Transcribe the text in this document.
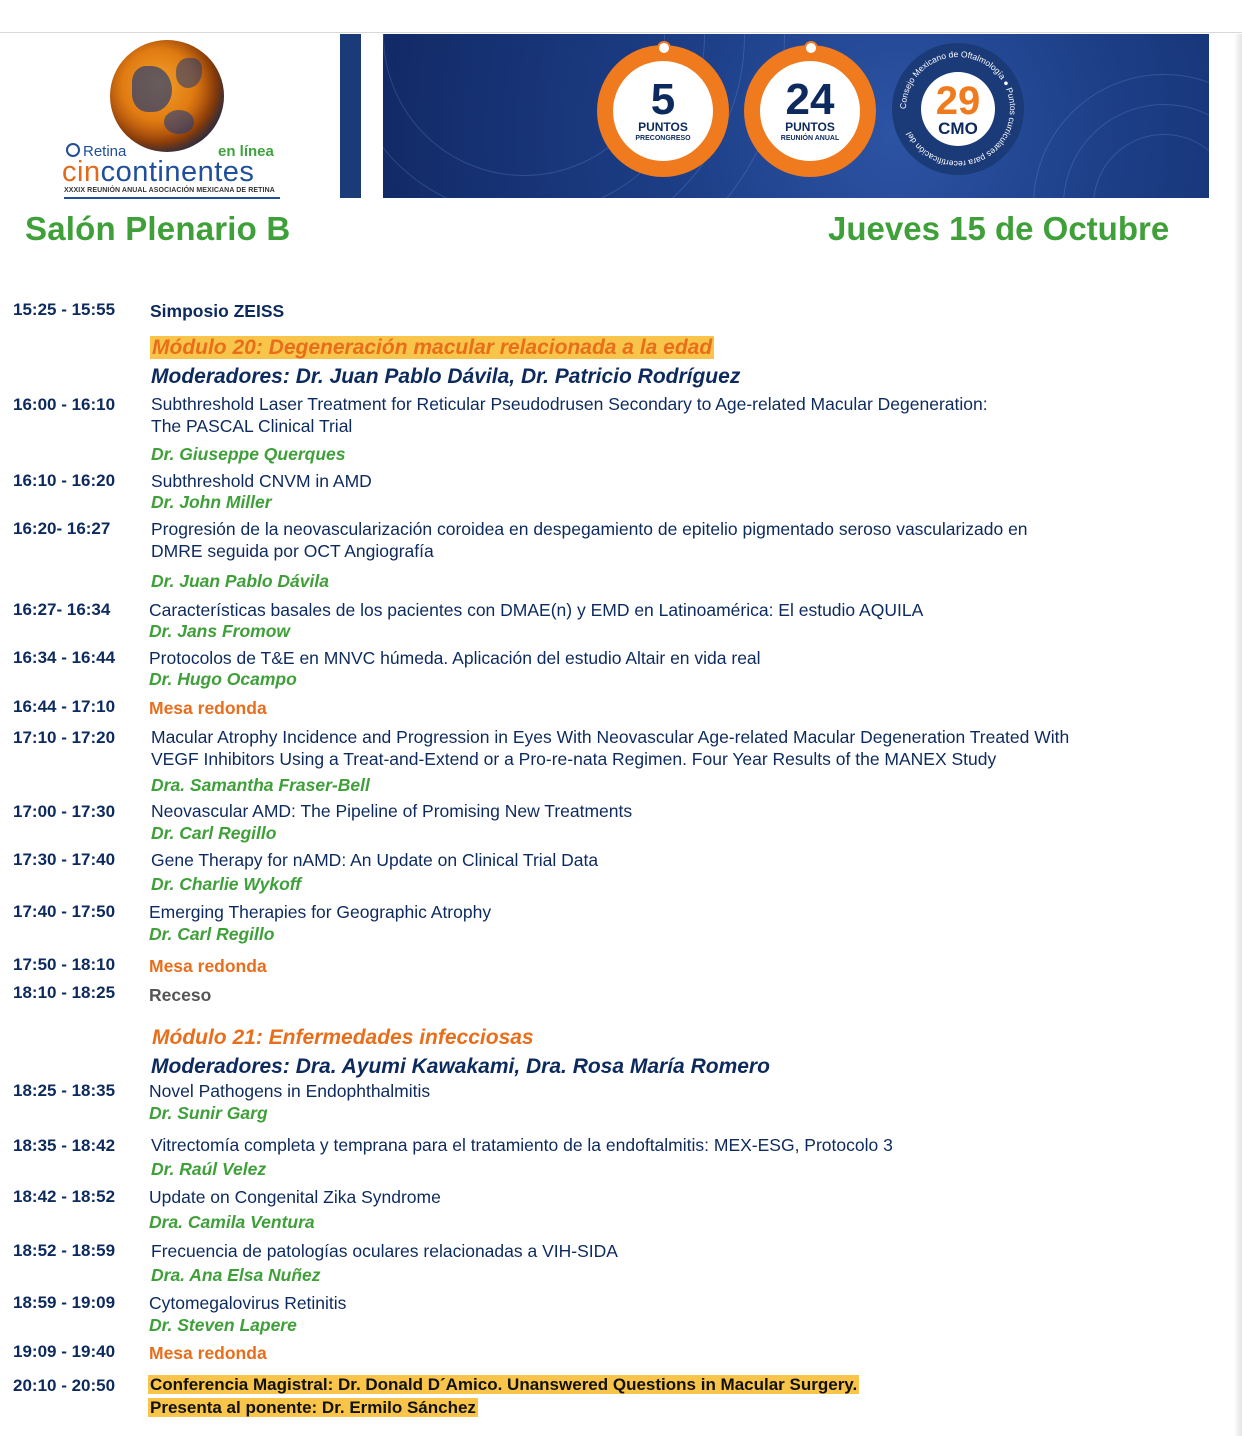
Retina	en línea
cincontinentes
XXXIX REUNIÓN ANUAL ASOCIACIÓN MEXICANA DE RETINA
5
PUNTOS
PRECONGRESO
24
PUNTOS
REUNIÓN ANUAL
Consejo Mexicano de Oftalmología ● Puntos curriculares para recertificación del
29
CMO
Salón Plenario B	Jueves 15 de Octubre
15:25 - 15:55 Simposio ZEISS
Módulo 20: Degeneración macular relacionada a la edad
Moderadores: Dr. Juan Pablo Dávila, Dr. Patricio Rodríguez
16:00 - 16:10 Subthreshold Laser Treatment for Reticular Pseudodrusen Secondary to Age-related Macular Degeneration:
The PASCAL Clinical Trial
Dr. Giuseppe Querques
16:10 - 16:20 Subthreshold CNVM in AMD
Dr. John Miller
16:20- 16:27 Progresión de la neovascularización coroidea en despegamiento de epitelio pigmentado seroso vascularizado en
DMRE seguida por OCT Angiografía
Dr. Juan Pablo Dávila
16:27- 16:34 Características basales de los pacientes con DMAE(n) y EMD en Latinoamérica: El estudio AQUILA
Dr. Jans Fromow
16:34 - 16:44 Protocolos de T&E en MNVC húmeda. Aplicación del estudio Altair en vida real
Dr. Hugo Ocampo
16:44 - 17:10 Mesa redonda
17:10 - 17:20 Macular Atrophy Incidence and Progression in Eyes With Neovascular Age-related Macular Degeneration Treated With
VEGF Inhibitors Using a Treat-and-Extend or a Pro-re-nata Regimen. Four Year Results of the MANEX Study
Dra. Samantha Fraser-Bell
17:00 - 17:30 Neovascular AMD: The Pipeline of Promising New Treatments
Dr. Carl Regillo
17:30 - 17:40 Gene Therapy for nAMD: An Update on Clinical Trial Data
Dr. Charlie Wykoff
17:40 - 17:50 Emerging Therapies for Geographic Atrophy
Dr. Carl Regillo
17:50 - 18:10 Mesa redonda
18:10 - 18:25 Receso
Módulo 21: Enfermedades infecciosas
Moderadores: Dra. Ayumi Kawakami, Dra. Rosa María Romero
18:25 - 18:35 Novel Pathogens in Endophthalmitis
Dr. Sunir Garg
18:35 - 18:42 Vitrectomía completa y temprana para el tratamiento de la endoftalmitis: MEX-ESG, Protocolo 3
Dr. Raúl Velez
18:42 - 18:52 Update on Congenital Zika Syndrome
Dra. Camila Ventura
18:52 - 18:59 Frecuencia de patologías oculares relacionadas a VIH-SIDA
Dra. Ana Elsa Nuñez
18:59 - 19:09 Cytomegalovirus Retinitis
Dr. Steven Lapere
19:09 - 19:40 Mesa redonda
20:10 - 20:50 Conferencia Magistral: Dr. Donald D´Amico. Unanswered Questions in Macular Surgery.
Presenta al ponente: Dr. Ermilo Sánchez
